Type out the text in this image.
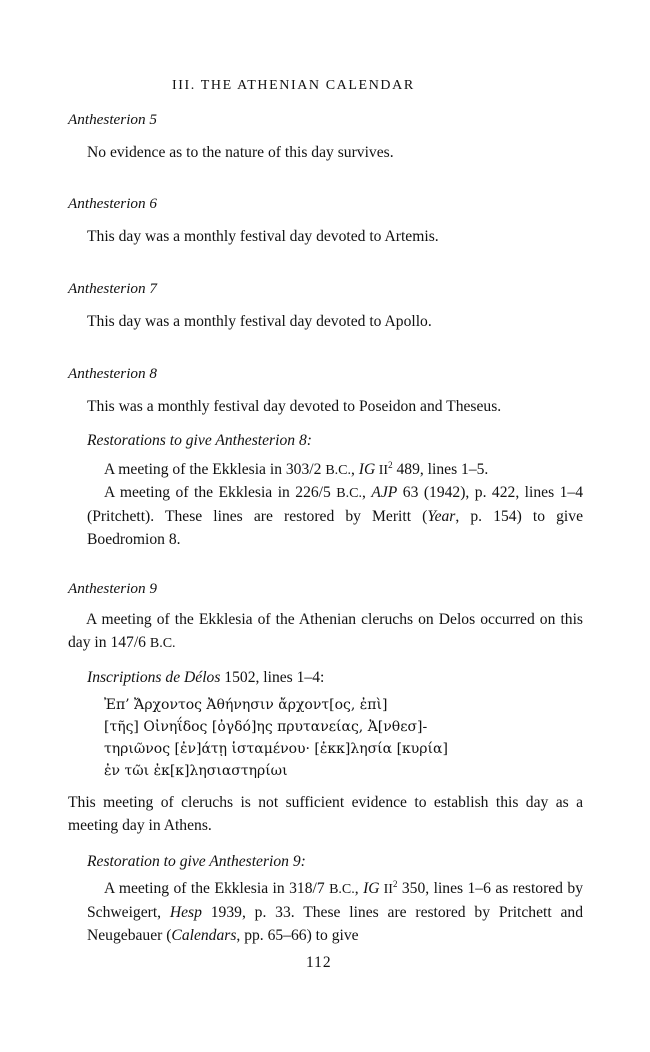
III. THE ATHENIAN CALENDAR
Anthesterion 5
No evidence as to the nature of this day survives.
Anthesterion 6
This day was a monthly festival day devoted to Artemis.
Anthesterion 7
This day was a monthly festival day devoted to Apollo.
Anthesterion 8
This was a monthly festival day devoted to Poseidon and Theseus.
Restorations to give Anthesterion 8:
A meeting of the Ekklesia in 303/2 B.C., IG $II^2$ 489, lines 1–5.
A meeting of the Ekklesia in 226/5 B.C., AJP 63 (1942), p. 422, lines 1–4 (Pritchett). These lines are restored by Meritt (Year, p. 154) to give Boedromion 8.
Anthesterion 9
A meeting of the Ekklesia of the Athenian cleruchs on Delos occurred on this day in 147/6 B.C.
Inscriptions de Délos 1502, lines 1–4:
Ἐπ’ Ἄρχοντος Ἀθήνησιν ἄρχοντ[ος, ἐπὶ]
[τῆς] Οἰνηΐδος [ὀγδό]ης πρυτανείας, Ἀ[νθεσ]-
τηριῶνος [ἐν]άτῃ ἱσταμένου· [ἐκκ]λησία [κυρία]
ἐν τῶι ἐκ[κ]λησιαστηρίωι
This meeting of cleruchs is not sufficient evidence to establish this day as a meeting day in Athens.
Restoration to give Anthesterion 9:
A meeting of the Ekklesia in 318/7 B.C., IG $II^2$ 350, lines 1–6 as restored by Schweigert, Hesp 1939, p. 33. These lines are restored by Pritchett and Neugebauer (Calendars, pp. 65–66) to give
112
